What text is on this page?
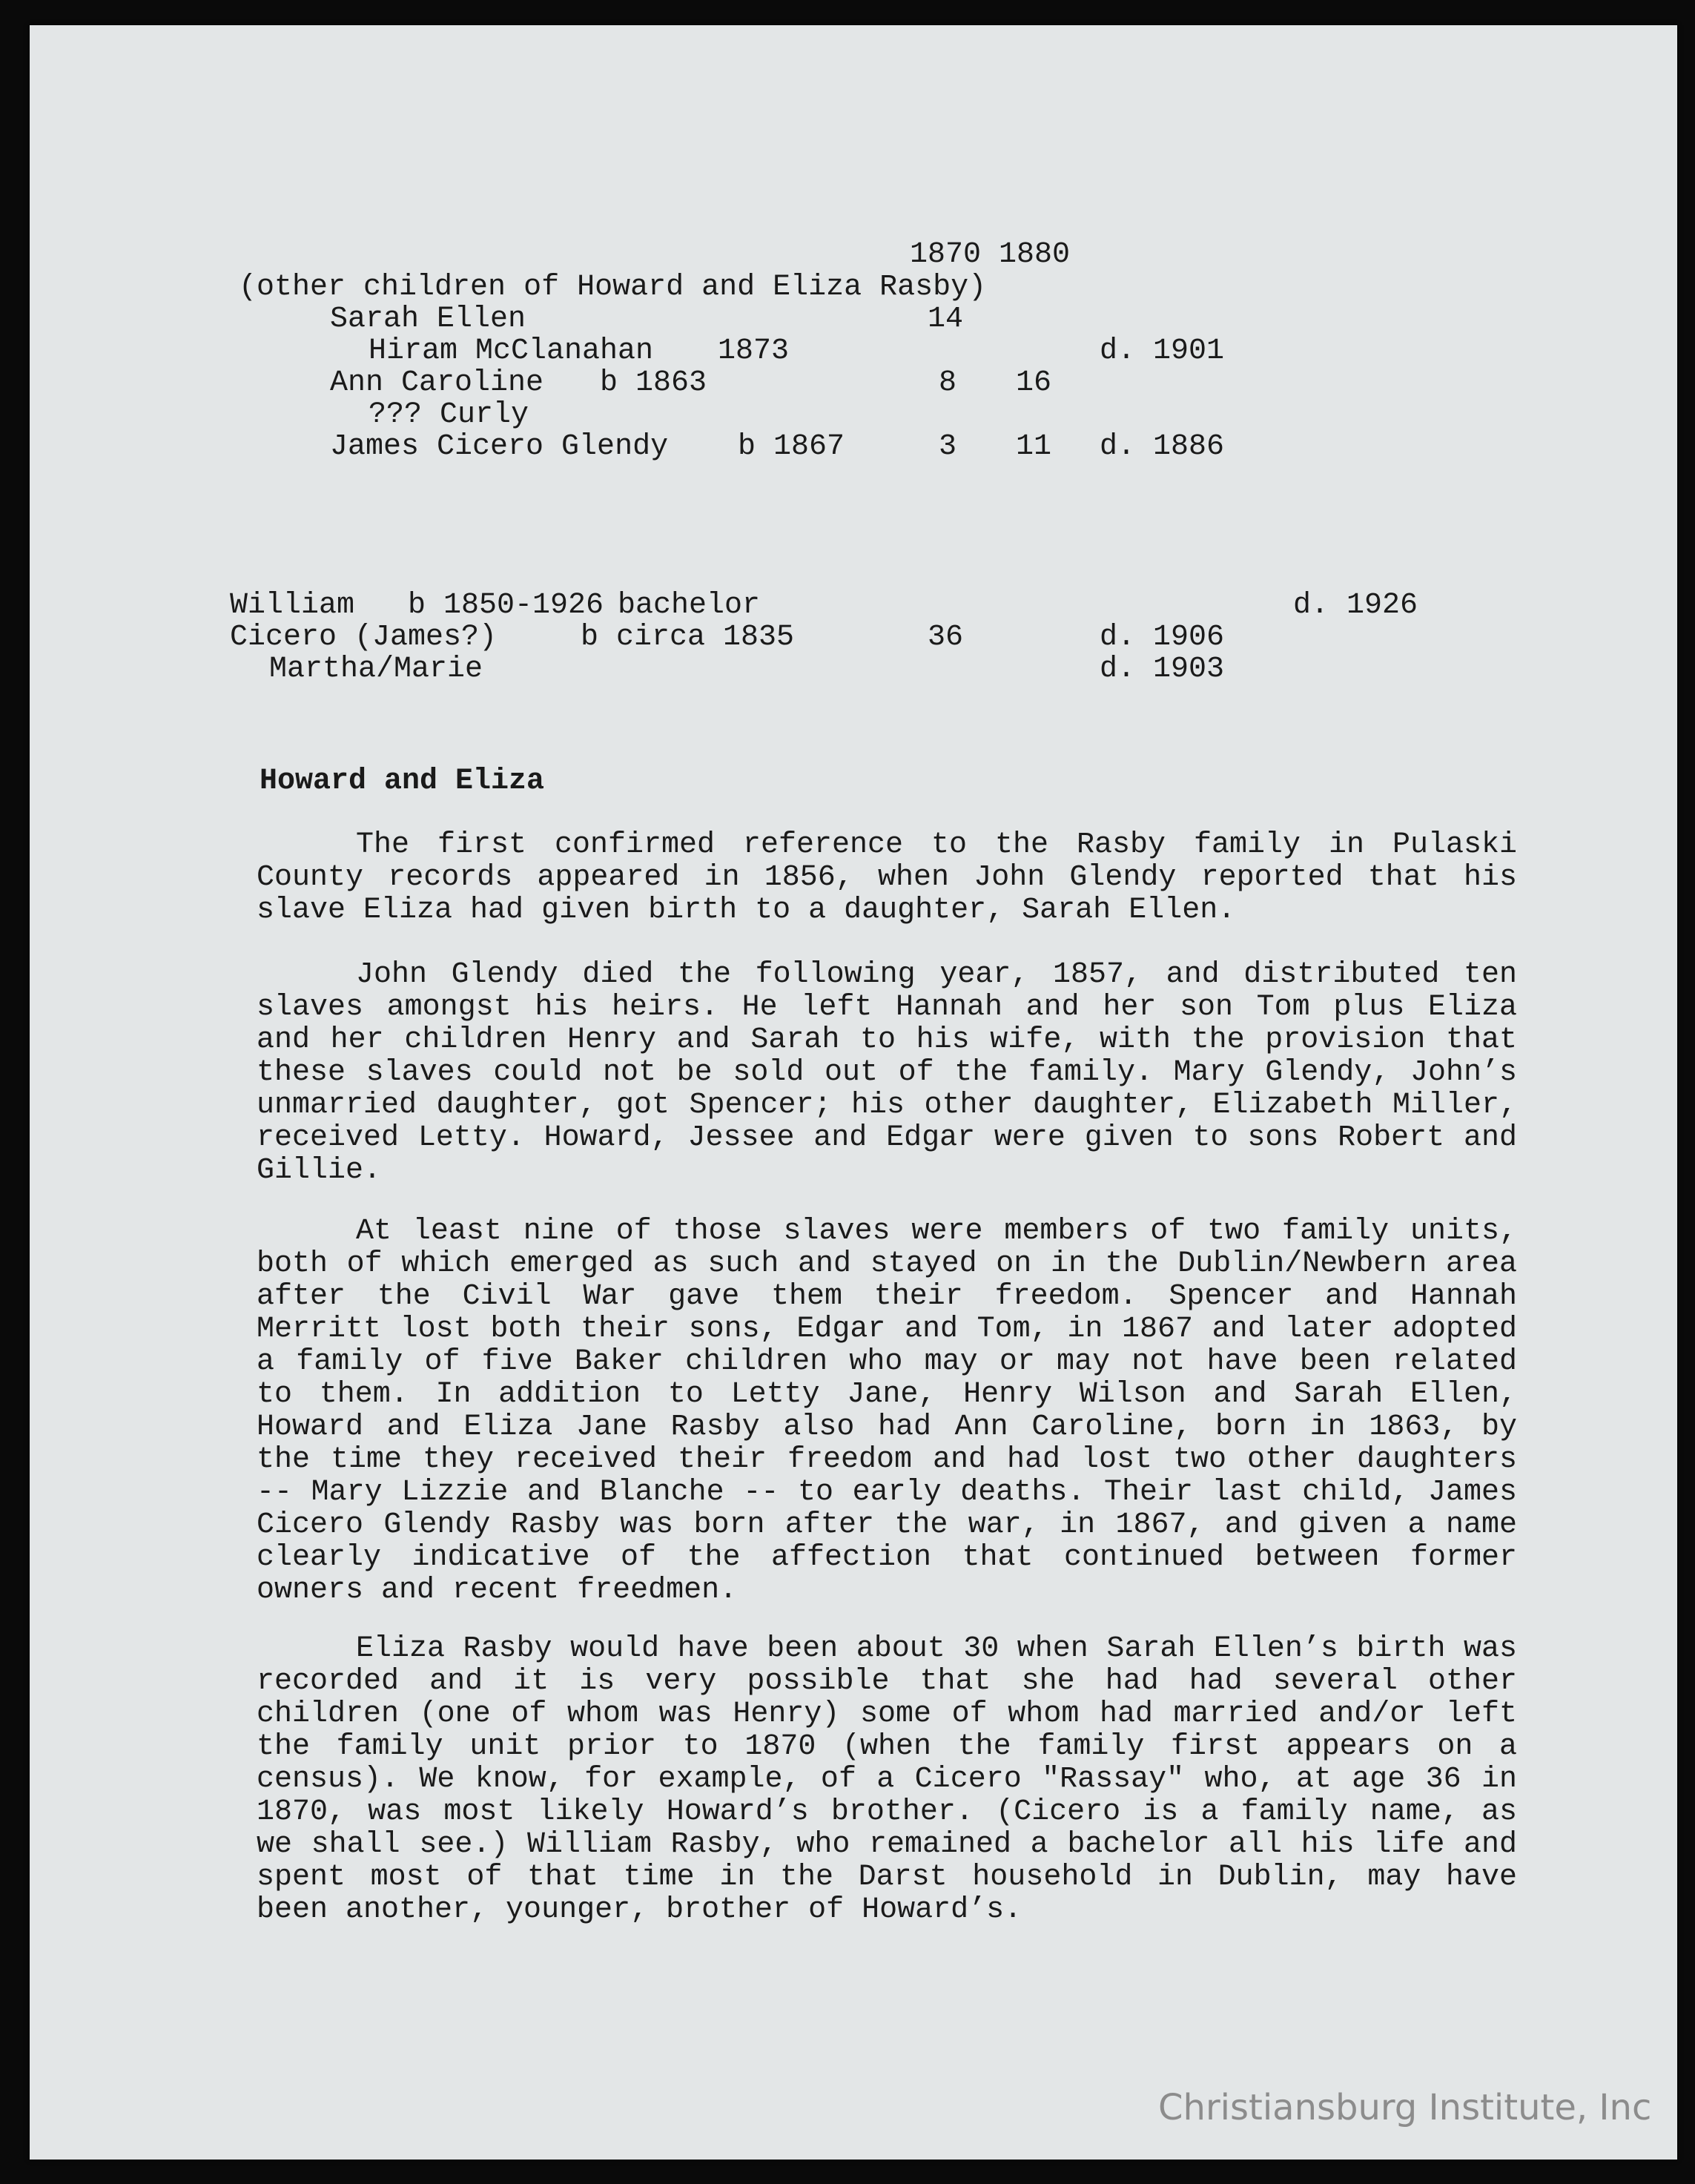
1870 1880
(other children of Howard and Eliza Rasby)
Sarah Ellen	14
Hiram McClanahan 1873	d. 1901
Ann Caroline b 1863	8 16
??? Curly
James Cicero Glendy b 1867	3 11 d. 1886
William b 1850-1926 bachelor	d. 1926
Cicero (James?)	b circa 1835	36	d. 1906
Martha/Marie	d. 1903
Howard and Eliza

The first confirmed reference to the Rasby family in Pulaski County records appeared in 1856, when John Glendy reported that his slave Eliza had given birth to a daughter, Sarah Ellen.

John Glendy died the following year, 1857, and distributed ten slaves amongst his heirs. He left Hannah and her son Tom plus Eliza and her children Henry and Sarah to his wife, with the provision that these slaves could not be sold out of the family. Mary Glendy, John’s unmarried daughter, got Spencer; his other daughter, Elizabeth Miller, received Letty. Howard, Jessee and Edgar were given to sons Robert and Gillie.

At least nine of those slaves were members of two family units, both of which emerged as such and stayed on in the Dublin/Newbern area after the Civil War gave them their freedom. Spencer and Hannah Merritt lost both their sons, Edgar and Tom, in 1867 and later adopted a family of five Baker children who may or may not have been related to them. In addition to Letty Jane, Henry Wilson and Sarah Ellen, Howard and Eliza Jane Rasby also had Ann Caroline, born in 1863, by the time they received their freedom and had lost two other daughters -- Mary Lizzie and Blanche -- to early deaths. Their last child, James Cicero Glendy Rasby was born after the war, in 1867, and given a name clearly indicative of the affection that continued between former owners and recent freedmen.

Eliza Rasby would have been about 30 when Sarah Ellen’s birth was recorded and it is very possible that she had had several other children (one of whom was Henry) some of whom had married and/or left the family unit prior to 1870 (when the family first appears on a census). We know, for example, of a Cicero "Rassay" who, at age 36 in 1870, was most likely Howard’s brother. (Cicero is a family name, as we shall see.) William Rasby, who remained a bachelor all his life and spent most of that time in the Darst household in Dublin, may have been another, younger, brother of Howard’s.

Christiansburg Institute, Inc
